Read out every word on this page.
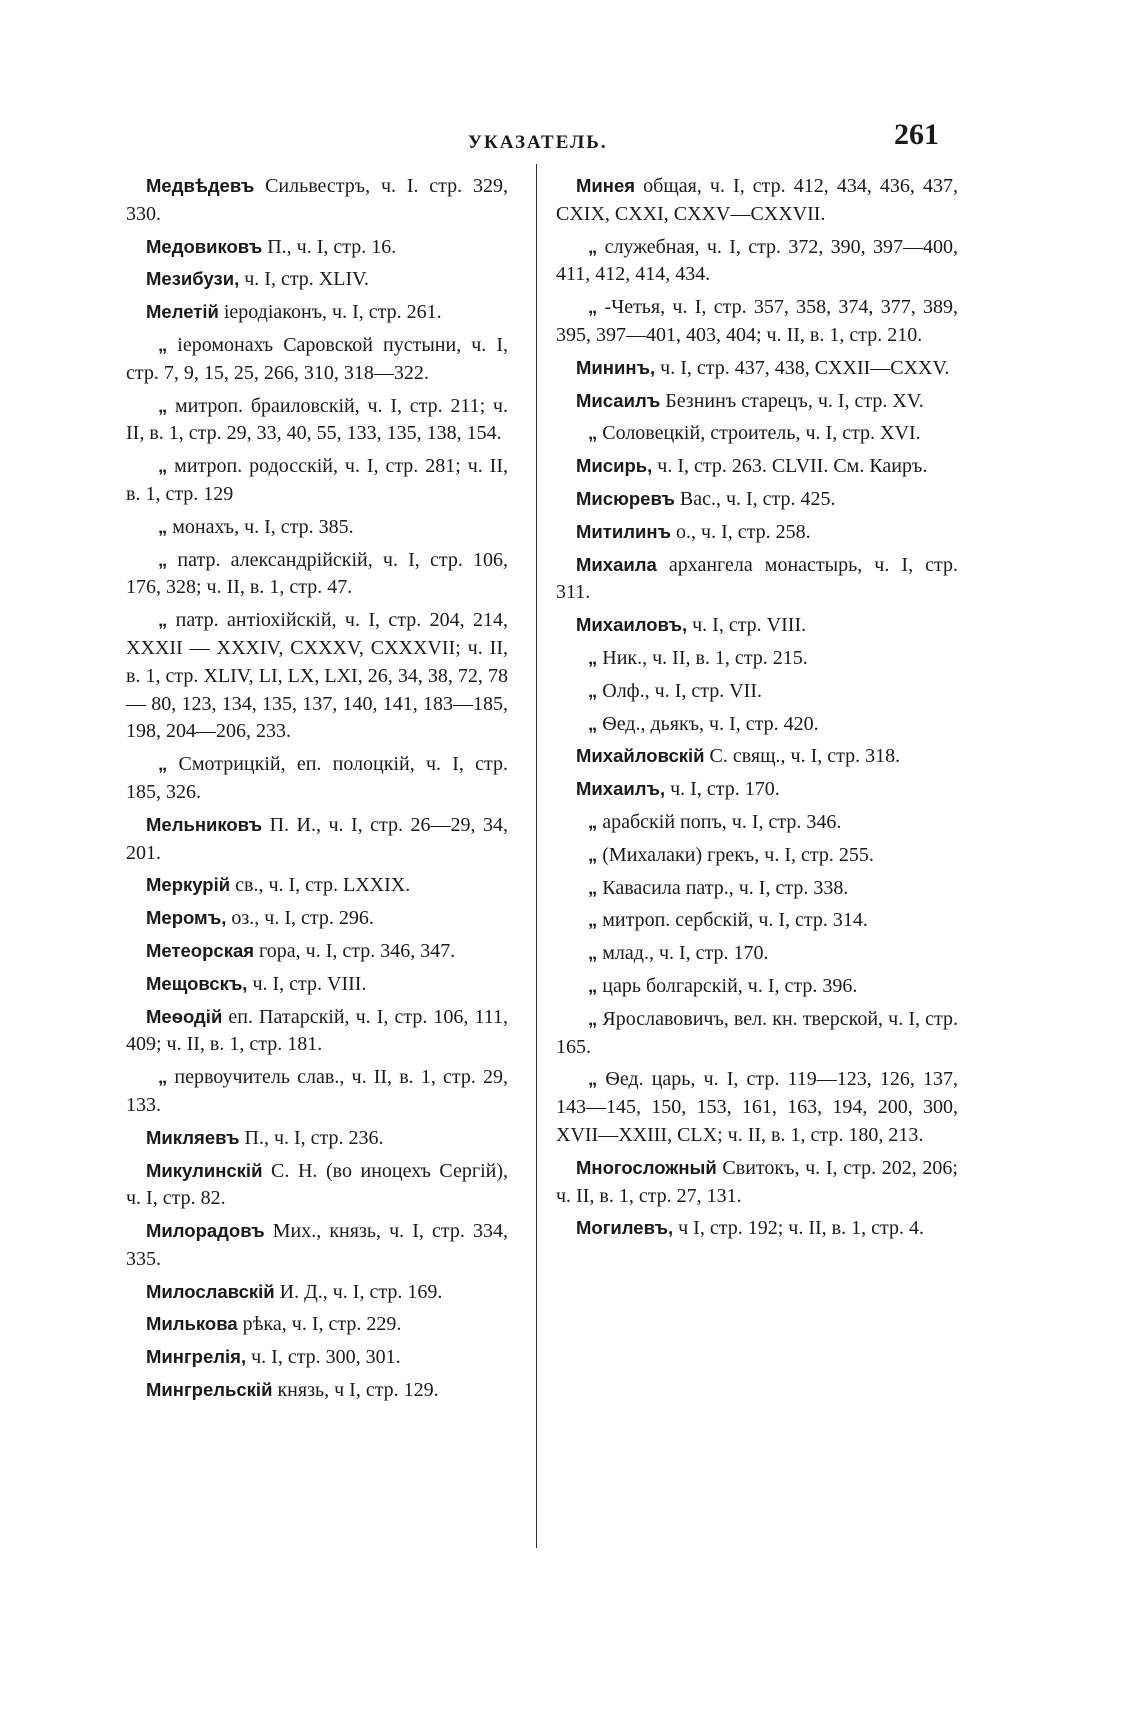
УКАЗАТЕЛЬ.	261
Медвѣдевъ Сильвестръ, ч. I. стр. 329, 330.
Медовиковъ П., ч. I, стр. 16.
Мезибузи, ч. I, стр. XLIV.
Мелетій іеродіаконъ, ч. I, стр. 261.
„ іеромонахъ Саровской пустыни, ч. I, стр. 7, 9, 15, 25, 266, 310, 318—322.
„ митроп. браиловскій, ч. I, стр. 211; ч. II, в. 1, стр. 29, 33, 40, 55, 133, 135, 138, 154.
„ митроп. родосскій, ч. I, стр. 281; ч. II, в. 1, стр. 129
„ монахъ, ч. I, стр. 385.
„ патр. александрійскій, ч. I, стр. 106, 176, 328; ч. II, в. 1, стр. 47.
„ патр. антіохійскій, ч. I, стр. 204, 214, XXXII — XXXIV, CXXXV, CXXXVII; ч. II, в. 1, стр. XLIV, LI, LX, LXI, 26, 34, 38, 72, 78 — 80, 123, 134, 135, 137, 140, 141, 183—185, 198, 204—206, 233.
„ Смотрицкій, еп. полоцкій, ч. I, стр. 185, 326.
Мельниковъ П. И., ч. I, стр. 26—29, 34, 201.
Меркурій св., ч. I, стр. LXXIX.
Меромъ, оз., ч. I, стр. 296.
Метеорская гора, ч. I, стр. 346, 347.
Мещовскъ, ч. I, стр. VIII.
Меѳодій еп. Патарскій, ч. I, стр. 106, 111, 409; ч. II, в. 1, стр. 181.
„ первоучитель слав., ч. II, в. 1, стр. 29, 133.
Микляевъ П., ч. I, стр. 236.
Микулинскій С. Н. (во иноцехъ Сергій), ч. I, стр. 82.
Милорадовъ Мих., князь, ч. I, стр. 334, 335.
Милославскій И. Д., ч. I, стр. 169.
Милькова рѣка, ч. I, стр. 229.
Мингрелія, ч. I, стр. 300, 301.
Мингрельскій князь, ч I, стр. 129.
Минея общая, ч. I, стр. 412, 434, 436, 437, CXIX, CXXI, CXXV—CXXVII.
„ служебная, ч. I, стр. 372, 390, 397—400, 411, 412, 414, 434.
„ -Четья, ч. I, стр. 357, 358, 374, 377, 389, 395, 397—401, 403, 404; ч. II, в. 1, стр. 210.
Мининъ, ч. I, стр. 437, 438, CXXII—CXXV.
Мисаилъ Безнинъ старецъ, ч. I, стр. XV.
„ Соловецкій, строитель, ч. I, стр. XVI.
Мисирь, ч. I, стр. 263. CLVII. См. Каиръ.
Мисюревъ Вас., ч. I, стр. 425.
Митилинъ о., ч. I, стр. 258.
Михаила архангела монастырь, ч. I, стр. 311.
Михаиловъ, ч. I, стр. VIII.
„ Ник., ч. II, в. 1, стр. 215.
„ Олф., ч. I, стр. VII.
„ Ѳед., дьякъ, ч. I, стр. 420.
Михайловскій С. свящ., ч. I, стр. 318.
Михаилъ, ч. I, стр. 170.
„ арабскій попъ, ч. I, стр. 346.
„ (Михалаки) грекъ, ч. I, стр. 255.
„ Кавасила патр., ч. I, стр. 338.
„ митроп. сербскій, ч. I, стр. 314.
„ млад., ч. I, стр. 170.
„ царь болгарскій, ч. I, стр. 396.
„ Ярославовичъ, вел. кн. тверской, ч. I, стр. 165.
„ Ѳед. царь, ч. I, стр. 119—123, 126, 137, 143—145, 150, 153, 161, 163, 194, 200, 300, XVII—XXIII, CLX; ч. II, в. 1, стр. 180, 213.
Многосложный Свитокъ, ч. I, стр. 202, 206; ч. II, в. 1, стр. 27, 131.
Могилевъ, ч I, стр. 192; ч. II, в. 1, стр. 4.
